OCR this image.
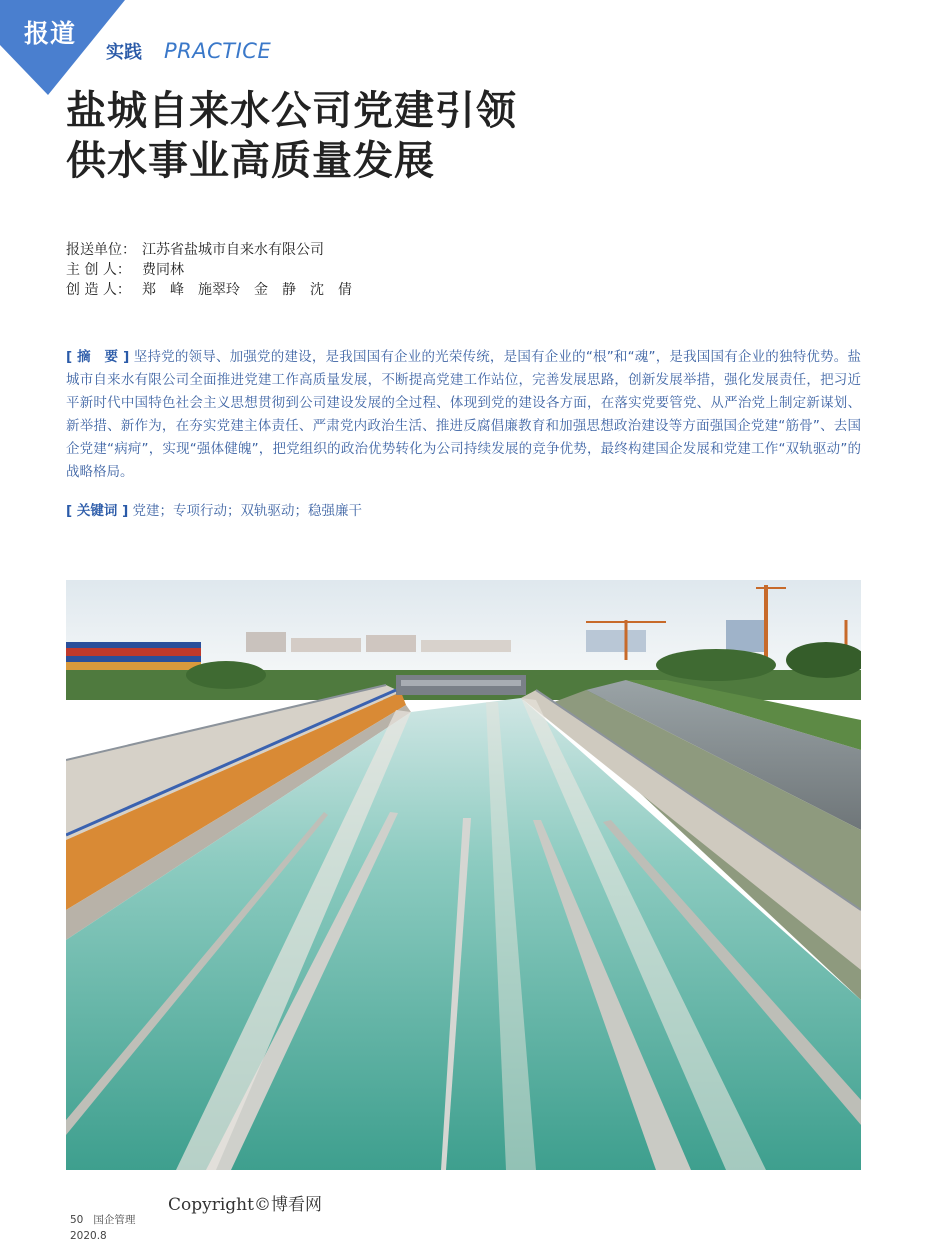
报道
实践 PRACTICE
盐城自来水公司党建引领
供水事业高质量发展
报送单位： 江苏省盐城市自来水有限公司
主 创 人： 费同林
创 造 人： 郑　峰　施翠玲　金　静　沈　倩
[ 摘　要 ] 坚持党的领导、加强党的建设，是我国国有企业的光荣传统，是国有企业的“根”和“魂”，是我国国有企业的独特优势。盐城市自来水有限公司全面推进党建工作高质量发展，不断提高党建工作站位，完善发展思路，创新发展举措，强化发展责任，把习近平新时代中国特色社会主义思想贯彻到公司建设发展的全过程、体现到党的建设各方面，在落实党要管党、从严治党上制定新谋划、新举措、新作为，在夯实党建主体责任、严肃党内政治生活、推进反腐倡廉教育和加强思想政治建设等方面强国企党建“筋骨”、去国企党建“病疴”，实现“强体健魄”，把党组织的政治优势转化为公司持续发展的竞争优势，最终构建国企发展和党建工作“双轨驱动”的战略格局。
[ 关键词 ] 党建；专项行动；双轨驱动；稳强廉干
Copyright©博看网
50 国企管理
2020.8
